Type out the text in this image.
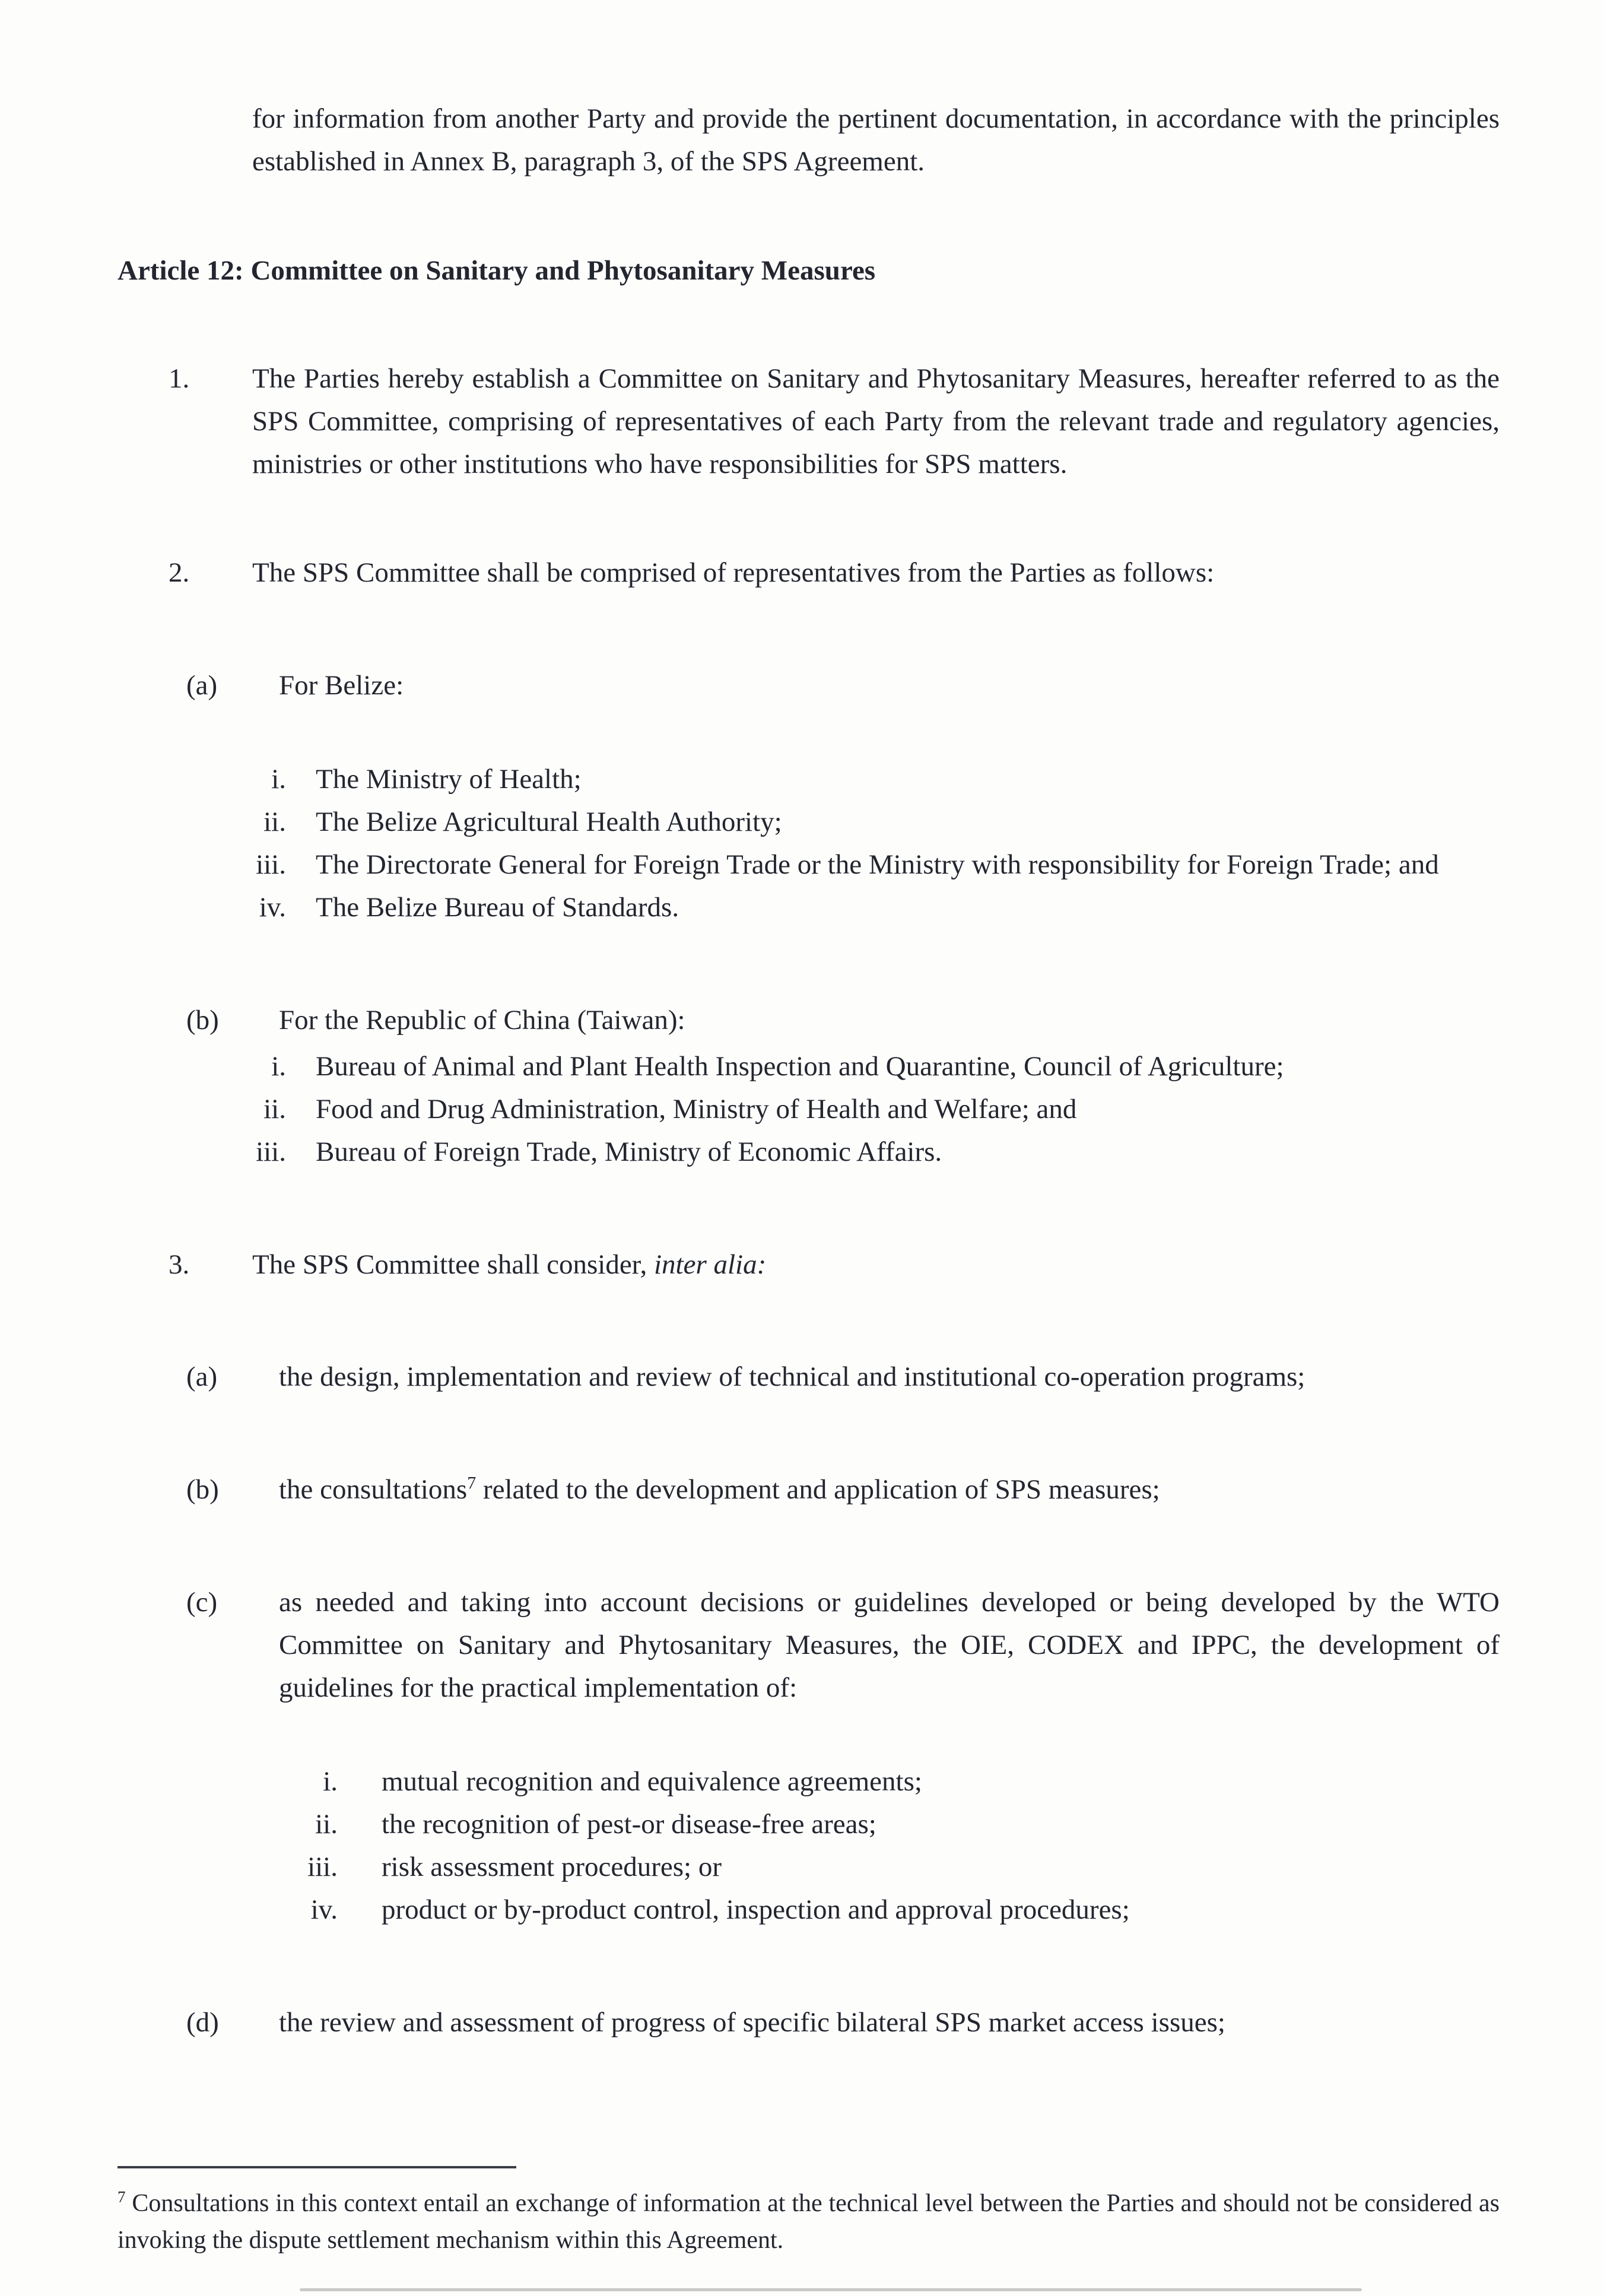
for information from another Party and provide the pertinent documentation, in accordance with the principles established in Annex B, paragraph 3, of the SPS Agreement.
Article 12: Committee on Sanitary and Phytosanitary Measures
1.	The Parties hereby establish a Committee on Sanitary and Phytosanitary Measures, hereafter referred to as the SPS Committee, comprising of representatives of each Party from the relevant trade and regulatory agencies, ministries or other institutions who have responsibilities for SPS matters.
2.	The SPS Committee shall be comprised of representatives from the Parties as follows:
(a)	For Belize:
i.	The Ministry of Health;
ii.	The Belize Agricultural Health Authority;
iii.	The Directorate General for Foreign Trade or the Ministry with responsibility for Foreign Trade; and
iv.	The Belize Bureau of Standards.
(b)	For the Republic of China (Taiwan):
i.	Bureau of Animal and Plant Health Inspection and Quarantine, Council of Agriculture;
ii.	Food and Drug Administration, Ministry of Health and Welfare; and
iii.	Bureau of Foreign Trade, Ministry of Economic Affairs.
3.	The SPS Committee shall consider, inter alia:
(a)	the design, implementation and review of technical and institutional co-operation programs;
(b)	the consultations$^7$ related to the development and application of SPS measures;
(c)	as needed and taking into account decisions or guidelines developed or being developed by the WTO Committee on Sanitary and Phytosanitary Measures, the OIE, CODEX and IPPC, the development of guidelines for the practical implementation of:
i.	mutual recognition and equivalence agreements;
ii.	the recognition of pest-or disease-free areas;
iii.	risk assessment procedures; or
iv.	product or by-product control, inspection and approval procedures;
(d)	the review and assessment of progress of specific bilateral SPS market access issues;
$^7$ Consultations in this context entail an exchange of information at the technical level between the Parties and should not be considered as invoking the dispute settlement mechanism within this Agreement.
